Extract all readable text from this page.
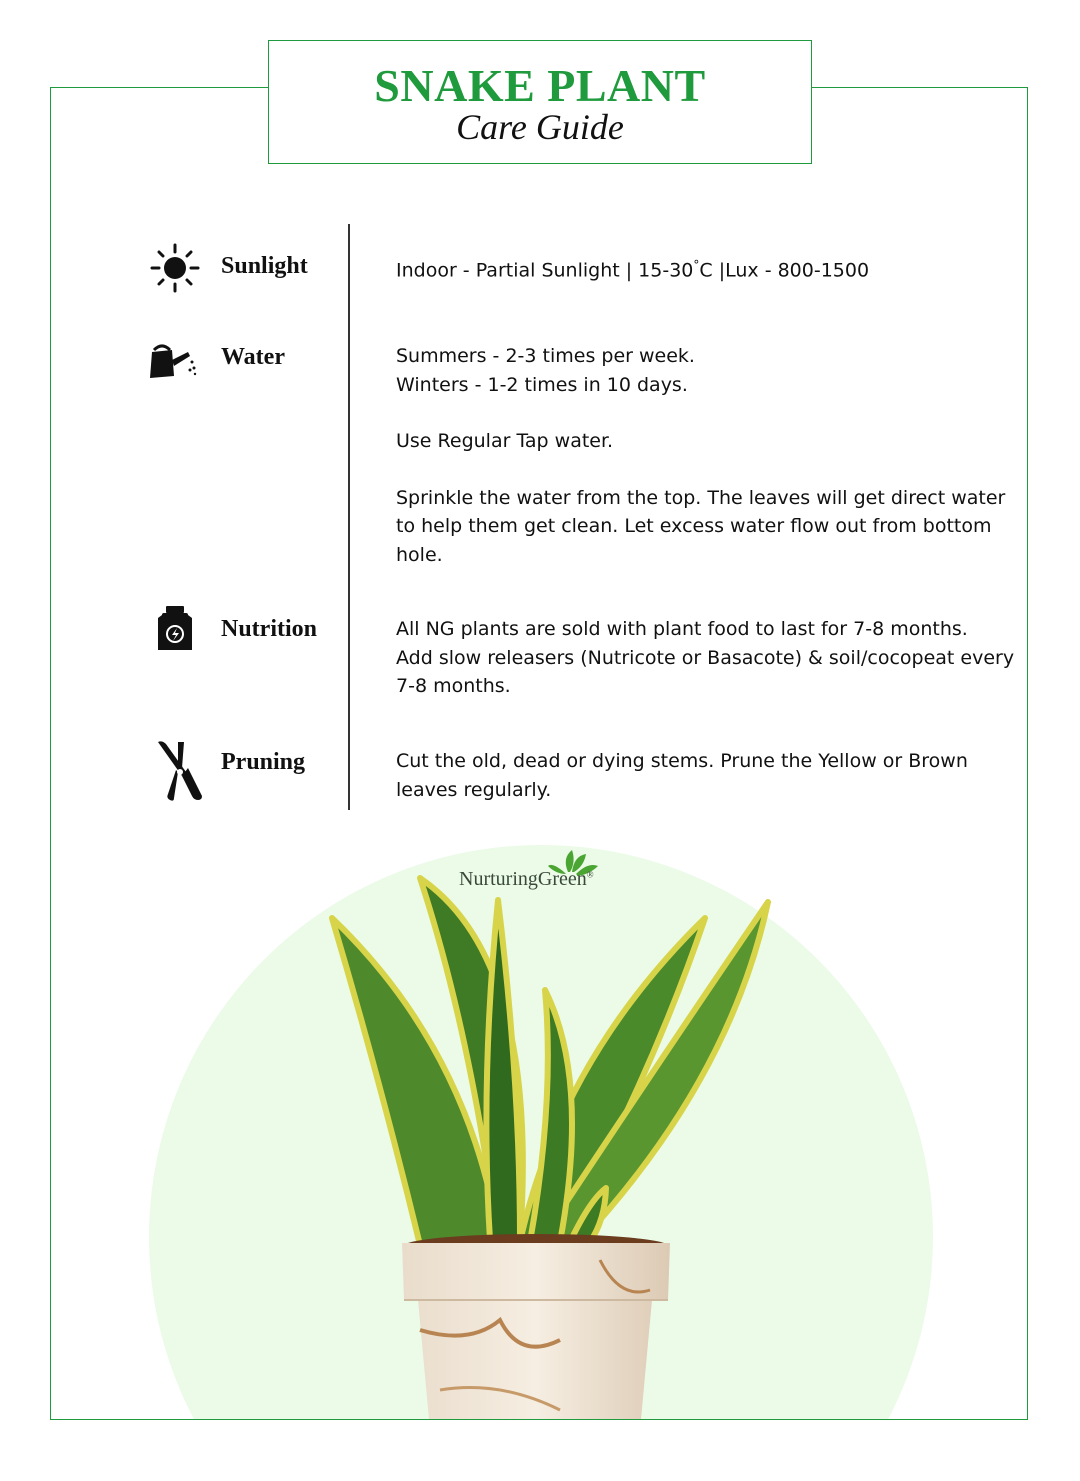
SNAKE PLANT
Care Guide
Sunlight	Indoor - Partial Sunlight | 15-30°C |Lux - 800-1500
Water	Summers - 2-3 times per week.

Winters - 1-2 times in 10 days.

Use Regular Tap water.

Sprinkle the water from the top. The leaves will get direct water to help them get clean. Let excess water flow out from bottom hole.

Nutrition	All NG plants are sold with plant food to last for 7-8 months.

Add slow releasers (Nutricote or Basacote) & soil/cocopeat every 7-8 months.

Pruning	Cut the old, dead or dying stems. Prune the Yellow or Brown leaves regularly.

NurturingGreen®
